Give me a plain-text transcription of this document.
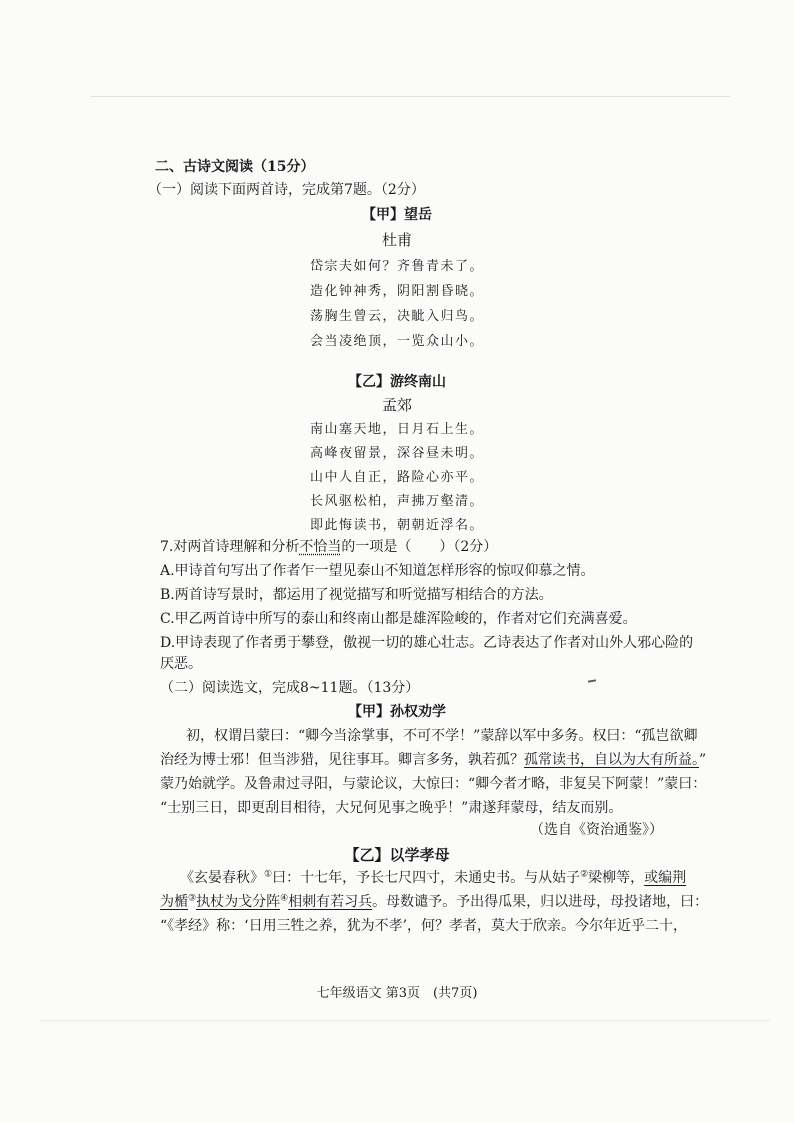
二、古诗文阅读（15分）
（一）阅读下面两首诗，完成第7题。（2分）
【甲】望岳
杜甫
岱宗夫如何？齐鲁青未了。
造化钟神秀，阴阳割昏晓。
荡胸生曾云，决眦入归鸟。
会当凌绝顶，一览众山小。
【乙】游终南山
孟郊
南山塞天地，日月石上生。
高峰夜留景，深谷昼未明。
山中人自正，路险心亦平。
长风驱松柏，声拂万壑清。
即此悔读书，朝朝近浮名。
7.对两首诗理解和分析不恰当的一项是（　　）（2分）
A.甲诗首句写出了作者乍一望见泰山不知道怎样形容的惊叹仰慕之情。
B.两首诗写景时，都运用了视觉描写和听觉描写相结合的方法。
C.甲乙两首诗中所写的泰山和终南山都是雄浑险峻的，作者对它们充满喜爱。
D.甲诗表现了作者勇于攀登，傲视一切的雄心壮志。乙诗表达了作者对山外人邪心险的
厌恶。
（二）阅读选文，完成8~11题。（13分）
【甲】孙权劝学
初，权谓吕蒙曰：“卿今当涂掌事，不可不学！”蒙辞以军中多务。权曰：“孤岂欲卿
治经为博士邪！但当涉猎，见往事耳。卿言多务，孰若孤？孤常读书，自以为大有所益。”
蒙乃始就学。及鲁肃过寻阳，与蒙论议，大惊曰：“卿今者才略，非复吴下阿蒙！”蒙曰：
“士别三日，即更刮目相待，大兄何见事之晚乎！”肃遂拜蒙母，结友而别。
（选自《资治通鉴》）
【乙】以学孝母
《玄晏春秋》①曰：十七年，予长七尺四寸，未通史书。与从姑子②梁柳等，或编荆
为楯③执杖为戈分阵④相刺有若习兵。母数谴予。予出得瓜果，归以进母，母投诸地，曰：
“《孝经》称：‘日用三牲之养，犹为不孝’，何？孝者，莫大于欣亲。今尔年近乎二十，
七年级语文 第3页　(共7页)
